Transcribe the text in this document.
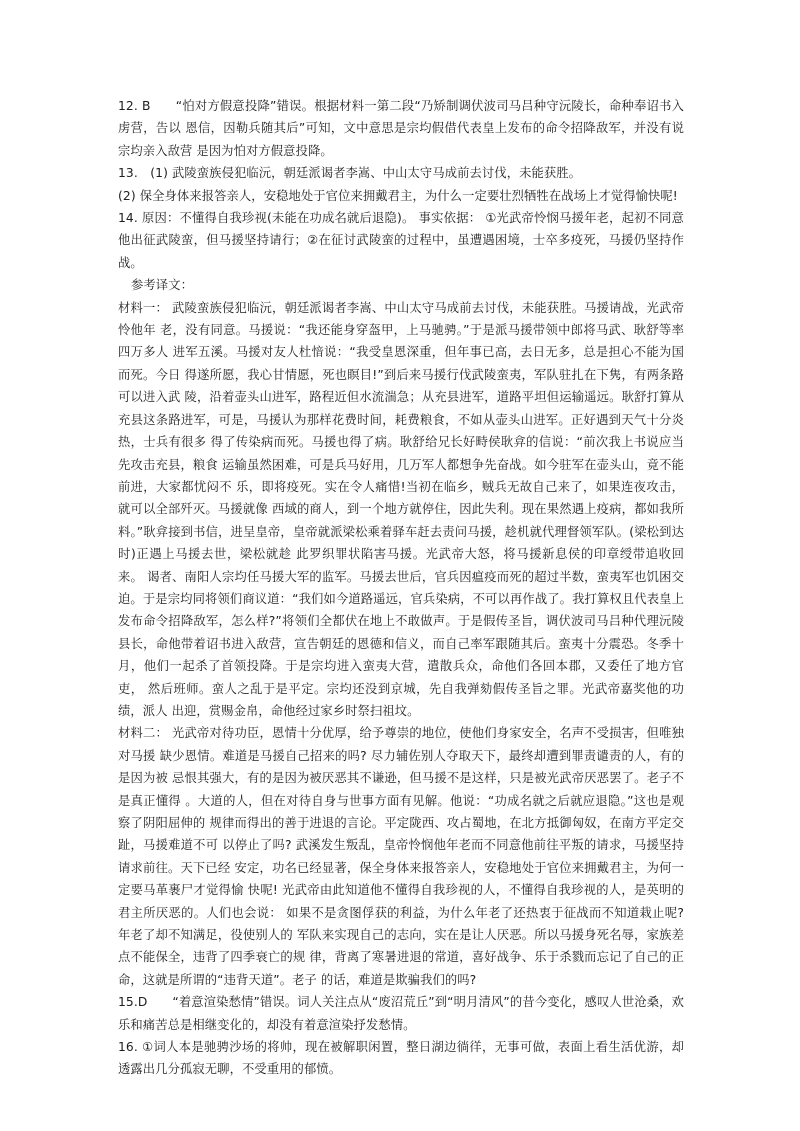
12. B　　“怕对方假意投降”错误。根据材料一第二段“乃矫制调伏波司马吕种守沅陵长，命种奉诏书入虏营，告以 恩信，因勒兵随其后”可知，文中意思是宗均假借代表皇上发布的命令招降敌军，并没有说宗均亲入敌营 是因为怕对方假意投降。

13.　(1) 武陵蛮族侵犯临沅，朝廷派谒者李嵩、中山太守马成前去讨伐，未能获胜。

(2) 保全身体来报答亲人，安稳地处于官位来拥戴君主，为什么一定要壮烈牺牲在战场上才觉得愉快呢!

14. 原因：不懂得自我珍视(未能在功成名就后退隐)。 事实依据： ①光武帝怜悯马援年老，起初不同意他出征武陵蛮，但马援坚持请行；②在征讨武陵蛮的过程中，虽遭遇困境，士卒多疫死，马援仍坚持作战。

参考译文：

材料一： 武陵蛮族侵犯临沅，朝廷派谒者李嵩、中山太守马成前去讨伐，未能获胜。马援请战，光武帝怜他年 老，没有同意。马援说：“我还能身穿盔甲，上马驰骋。”于是派马援带领中郎将马武、耿舒等率四万多人 进军五溪。马援对友人杜愔说：“我受皇恩深重，但年事已高，去日无多，总是担心不能为国而死。今日 得遂所愿，我心甘情愿，死也瞑目!”到后来马援行伐武陵蛮夷，军队驻扎在下隽，有两条路可以进入武 陵，沿着壶头山进军，路程近但水流湍急；从充县进军，道路平坦但运输遥远。耿舒打算从充县这条路进军，可是，马援认为那样花费时间，耗费粮食，不如从壶头山进军。正好遇到天气十分炎热，士兵有很多 得了传染病而死。马援也得了病。耿舒给兄长好畤侯耿弇的信说：“前次我上书说应当先攻击充县，粮食 运输虽然困难，可是兵马好用，几万军人都想争先奋战。如今驻军在壶头山，竟不能前进，大家都忧闷不 乐，即将疫死。实在令人痛惜!当初在临乡，贼兵无故自己来了，如果连夜攻击，就可以全部歼灭。马援就像 西域的商人，到一个地方就停住，因此失利。现在果然遇上疫病，都如我所料。”耿弇接到书信，进呈皇帝，皇帝就派梁松乘着驿车赶去责问马援，趁机就代理督领军队。(梁松到达时)正遇上马援去世，梁松就趁 此罗织罪状陷害马援。光武帝大怒，将马援新息侯的印章绶带追收回来。 谒者、南阳人宗均任马援大军的监军。马援去世后，官兵因瘟疫而死的超过半数，蛮夷军也饥困交 迫。于是宗均同将领们商议道：“我们如今道路遥远，官兵染病，不可以再作战了。我打算权且代表皇上 发布命令招降敌军，怎么样?”将领们全都伏在地上不敢做声。于是假传圣旨，调伏波司马吕种代理沅陵 县长，命他带着诏书进入敌营，宣告朝廷的恩德和信义，而自己率军跟随其后。蛮夷十分震恐。冬季十 月，他们一起杀了首领投降。于是宗均进入蛮夷大营，遣散兵众，命他们各回本郡，又委任了地方官吏， 然后班师。蛮人之乱于是平定。宗均还没到京城，先自我弹劾假传圣旨之罪。光武帝嘉奖他的功绩，派人 出迎，赏赐金帛，命他经过家乡时祭扫祖坟。

材料二： 光武帝对待功臣，恩情十分优厚，给予尊崇的地位，使他们身家安全，名声不受损害，但唯独对马援 缺少恩情。难道是马援自己招来的吗? 尽力辅佐别人夺取天下，最终却遭到罪责谴责的人，有的是因为被 忌恨其强大，有的是因为被厌恶其不谦逊，但马援不是这样，只是被光武帝厌恶罢了。老子不是真正懂得 。大道的人，但在对待自身与世事方面有见解。他说：“功成名就之后就应退隐。”这也是观察了阴阳屈伸的 规律而得出的善于进退的言论。平定陇西、攻占蜀地，在北方抵御匈奴，在南方平定交趾，马援难道不可 以停止了吗? 武溪发生叛乱，皇帝怜悯他年老而不同意他前往平叛的请求，马援坚持请求前往。天下已经 安定，功名已经显著，保全身体来报答亲人，安稳地处于官位来拥戴君主，为何一定要马革裹尸才觉得愉 快呢! 光武帝由此知道他不懂得自我珍视的人，不懂得自我珍视的人，是英明的君主所厌恶的。人们也会说： 如果不是贪图俘获的利益，为什么年老了还热衷于征战而不知道栽止呢? 年老了却不知满足，役使别人的 军队来实现自己的志向，实在是让人厌恶。所以马援身死名辱，家族差点不能保全，违背了四季衰亡的规 律，背离了寒暑进退的常道，喜好战争、乐于杀戮而忘记了自己的正命，这就是所谓的“违背天道”。老子 的话，难道是欺骗我们的吗?

15.D　　“着意渲染愁情”错误。词人关注点从“废沼荒丘”到“明月清风”的昔今变化，感叹人世沧桑，欢乐和痛苦总是相继变化的，却没有着意渲染抒发愁情。

16. ①词人本是驰骋沙场的将帅，现在被解职闲置，整日湖边徜徉，无事可做，表面上看生活优游，却透露出几分孤寂无聊，不受重用的郁愤。
